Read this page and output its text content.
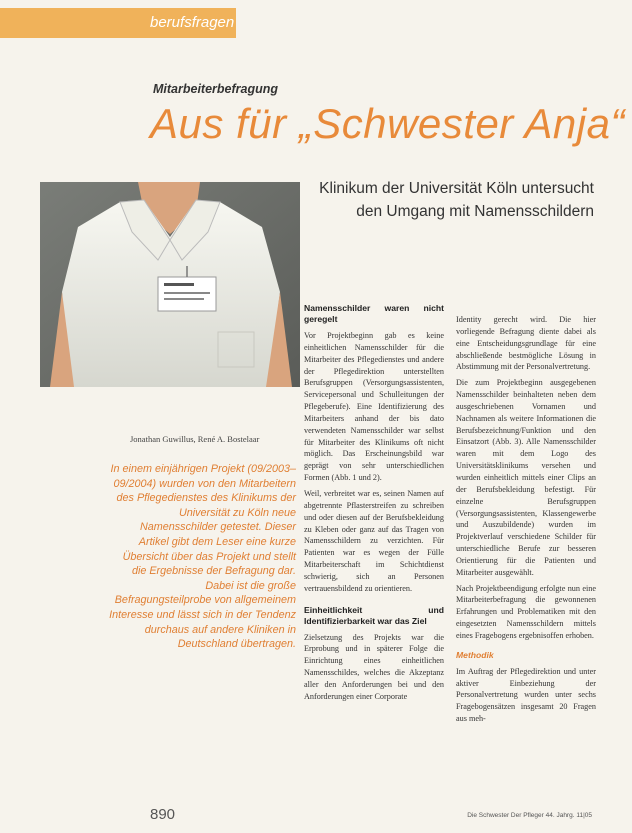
berufsfragen
Mitarbeiterbefragung
Aus für „Schwester Anja“
Klinikum der Universität Köln untersucht den Umgang mit Namensschildern
Jonathan Guwillus, René A. Bostelaar
In einem einjährigen Projekt (09/2003–09/2004) wurden von den Mitarbeitern des Pflegedienstes des Klinikums der Universität zu Köln neue Namensschilder getestet. Dieser Artikel gibt dem Leser eine kurze Übersicht über das Projekt und stellt die Ergebnisse der Befragung dar. Dabei ist die große Befragungsteilprobe von allgemeinem Interesse und lässt sich in der Tendenz durchaus auf andere Kliniken in Deutschland übertragen.
Namensschilder waren nicht geregelt

Vor Projektbeginn gab es keine einheitlichen Namensschilder für die Mitarbeiter des Pflegedienstes und andere der Pflegedirektion unterstellten Berufsgruppen (Versorgungsassistenten, Servicepersonal und Schulleitungen der Pflegeberufe). Eine Identifizierung des Mitarbeiters anhand der bis dato verwendeten Namensschilder war selbst für Mitarbeiter des Klinikums oft nicht möglich. Das Erscheinungsbild war geprägt von sehr unterschiedlichen Formen (Abb. 1 und 2).

Weil, verbreitet war es, seinen Namen auf abgetrennte Pflasterstreifen zu schreiben und oder diesen auf der Berufsbekleidung zu Kleben oder ganz auf das Tragen von Namensschildern zu verzichten. Für Patienten war es wegen der Fülle Mitarbeiterschaft im Schichtdienst schwierig, sich an Personen vertrauensbildend zu orientieren.

Einheitlichkeit und Identifizierbarkeit war das Ziel

Zielsetzung des Projekts war die Erprobung und in späterer Folge die Einrichtung eines einheitlichen Namensschildes, welches die Akzeptanz aller den Anforderungen bei und den Anforderungen einer Corporate

Identity gerecht wird. Die hier vorliegende Befragung diente dabei als eine Entscheidungsgrundlage für eine abschließende bestmögliche Lösung in Abstimmung mit der Personalvertretung.

Die zum Projektbeginn ausgegebenen Namensschilder beinhalteten neben dem ausgeschriebenen Vornamen und Nachnamen als weitere Informationen die Berufsbezeichnung/Funktion und den Einsatzort (Abb. 3). Alle Namensschilder waren mit dem Logo des Universitätsklinikums versehen und wurden einheitlich mittels einer Clips an der Berufsbekleidung befestigt. Für einzelne Berufsgruppen (Versorgungsassistenten, Klassengewerbe und Auszubildende) wurden im Projektverlauf verschiedene Schilder für unterschiedliche Berufe zur besseren Orientierung für die Patienten und Mitarbeiter ausgewählt.

Nach Projektbeendigung erfolgte nun eine Mitarbeiterbefragung die gewonnenen Erfahrungen und Problematiken mit den eingesetzten Namensschildern mittels eines Fragebogens ergebnisoffen erhoben.

Methodik

Im Auftrag der Pflegedirektion und unter aktiver Einbeziehung der Personalvertretung wurden unter sechs Fragebogensätzen insgesamt 20 Fragen aus meh-

890	Die Schwester Der Pfleger 44. Jahrg. 11|05
